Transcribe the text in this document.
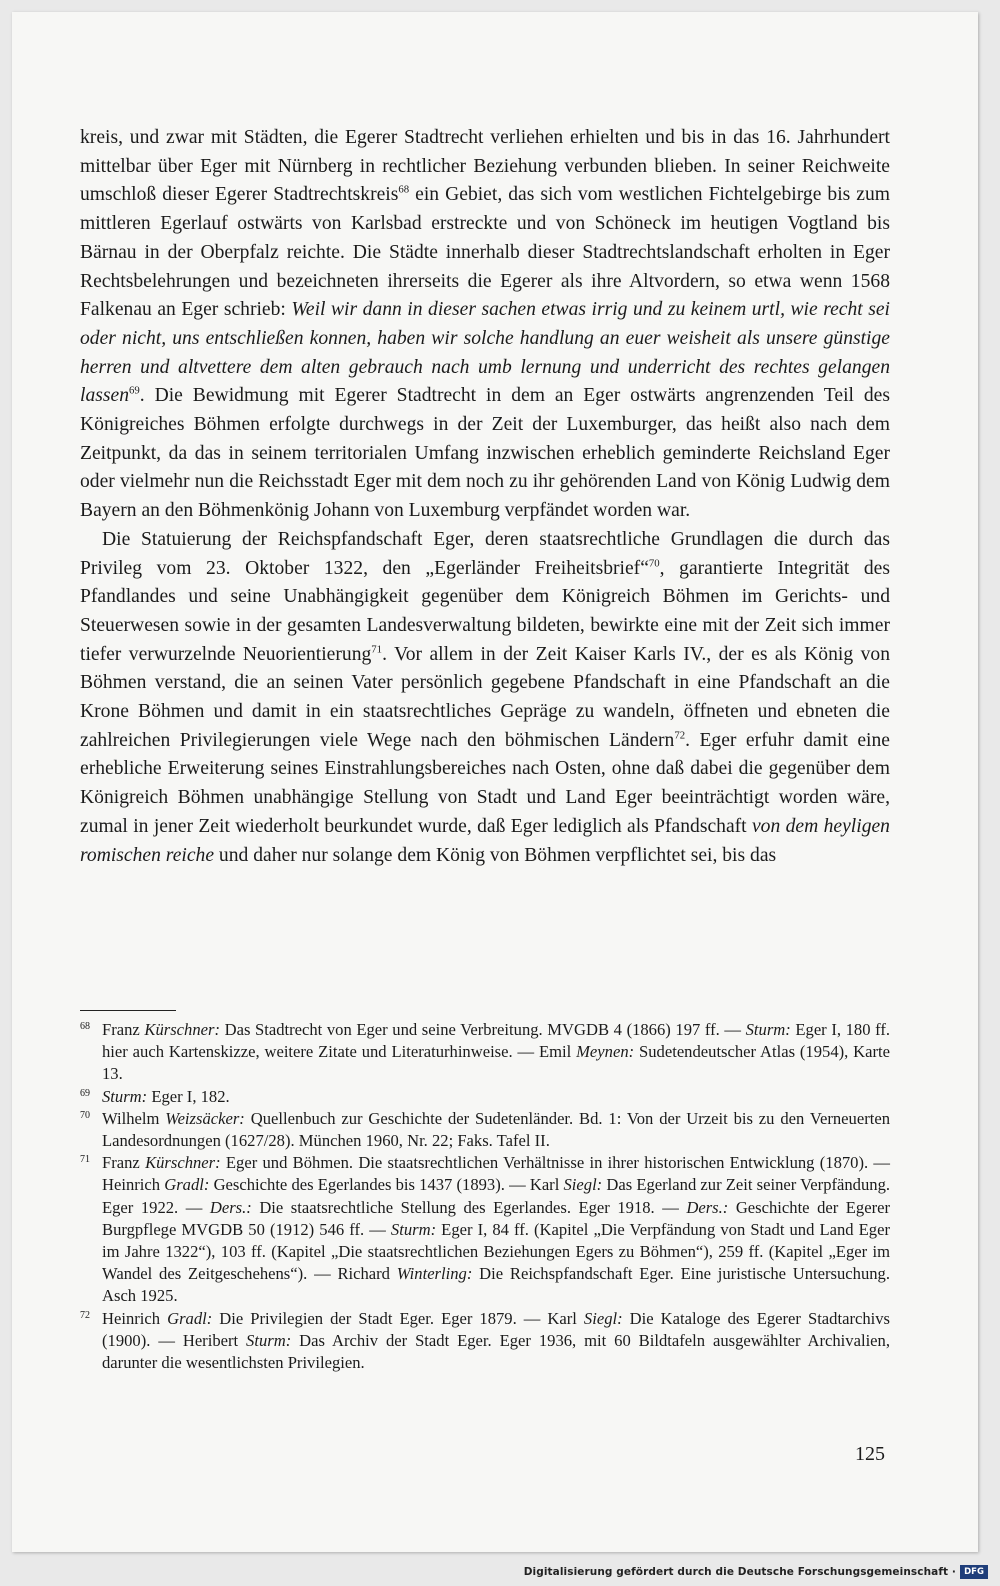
kreis, und zwar mit Städten, die Egerer Stadtrecht verliehen erhielten und bis in das 16. Jahrhundert mittelbar über Eger mit Nürnberg in rechtlicher Beziehung verbunden blieben. In seiner Reichweite umschloß dieser Egerer Stadtrechtskreis$^{68}$ ein Gebiet, das sich vom westlichen Fichtelgebirge bis zum mittleren Egerlauf ostwärts von Karlsbad erstreckte und von Schöneck im heutigen Vogtland bis Bärnau in der Oberpfalz reichte. Die Städte innerhalb dieser Stadtrechtslandschaft erholten in Eger Rechtsbelehrungen und bezeichneten ihrerseits die Egerer als ihre Altvordern, so etwa wenn 1568 Falkenau an Eger schrieb: Weil wir dann in dieser sachen etwas irrig und zu keinem urtl, wie recht sei oder nicht, uns entschließen konnen, haben wir solche handlung an euer weisheit als unsere günstige herren und altvettere dem alten gebrauch nach umb lernung und underricht des rechtes gelangen lassen$^{69}$. Die Bewidmung mit Egerer Stadtrecht in dem an Eger ostwärts angrenzenden Teil des Königreiches Böhmen erfolgte durchwegs in der Zeit der Luxemburger, das heißt also nach dem Zeitpunkt, da das in seinem territorialen Umfang inzwischen erheblich geminderte Reichsland Eger oder vielmehr nun die Reichsstadt Eger mit dem noch zu ihr gehörenden Land von König Ludwig dem Bayern an den Böhmenkönig Johann von Luxemburg verpfändet worden war.

Die Statuierung der Reichspfandschaft Eger, deren staatsrechtliche Grundlagen die durch das Privileg vom 23. Oktober 1322, den „Egerländer Freiheitsbrief“$^{70}$, garantierte Integrität des Pfandlandes und seine Unabhängigkeit gegenüber dem Königreich Böhmen im Gerichts- und Steuerwesen sowie in der gesamten Landesverwaltung bildeten, bewirkte eine mit der Zeit sich immer tiefer verwurzelnde Neuorientierung$^{71}$. Vor allem in der Zeit Kaiser Karls IV., der es als König von Böhmen verstand, die an seinen Vater persönlich gegebene Pfandschaft in eine Pfandschaft an die Krone Böhmen und damit in ein staatsrechtliches Gepräge zu wandeln, öffneten und ebneten die zahlreichen Privilegierungen viele Wege nach den böhmischen Ländern$^{72}$. Eger erfuhr damit eine erhebliche Erweiterung seines Einstrahlungsbereiches nach Osten, ohne daß dabei die gegenüber dem Königreich Böhmen unabhängige Stellung von Stadt und Land Eger beeinträchtigt worden wäre, zumal in jener Zeit wiederholt beurkundet wurde, daß Eger lediglich als Pfandschaft von dem heyligen romischen reiche und daher nur solange dem König von Böhmen verpflichtet sei, bis das

68 Franz Kürschner: Das Stadtrecht von Eger und seine Verbreitung. MVGDB 4 (1866) 197 ff. — Sturm: Eger I, 180 ff. hier auch Kartenskizze, weitere Zitate und Literaturhinweise. — Emil Meynen: Sudetendeutscher Atlas (1954), Karte 13.

69 Sturm: Eger I, 182.

70 Wilhelm Weizsäcker: Quellenbuch zur Geschichte der Sudetenländer. Bd. 1: Von der Urzeit bis zu den Verneuerten Landesordnungen (1627/28). München 1960, Nr. 22; Faks. Tafel II.

71 Franz Kürschner: Eger und Böhmen. Die staatsrechtlichen Verhältnisse in ihrer historischen Entwicklung (1870). — Heinrich Gradl: Geschichte des Egerlandes bis 1437 (1893). — Karl Siegl: Das Egerland zur Zeit seiner Verpfändung. Eger 1922. — Ders.: Die staatsrechtliche Stellung des Egerlandes. Eger 1918. — Ders.: Geschichte der Egerer Burgpflege MVGDB 50 (1912) 546 ff. — Sturm: Eger I, 84 ff. (Kapitel „Die Verpfändung von Stadt und Land Eger im Jahre 1322“), 103 ff. (Kapitel „Die staatsrechtlichen Beziehungen Egers zu Böhmen“), 259 ff. (Kapitel „Eger im Wandel des Zeitgeschehens“). — Richard Winterling: Die Reichspfandschaft Eger. Eine juristische Untersuchung. Asch 1925.

72 Heinrich Gradl: Die Privilegien der Stadt Eger. Eger 1879. — Karl Siegl: Die Kataloge des Egerer Stadtarchivs (1900). — Heribert Sturm: Das Archiv der Stadt Eger. Eger 1936, mit 60 Bildtafeln ausgewählter Archivalien, darunter die wesentlichsten Privilegien.

125
Digitalisierung gefördert durch die Deutsche Forschungsgemeinschaft · DFG
